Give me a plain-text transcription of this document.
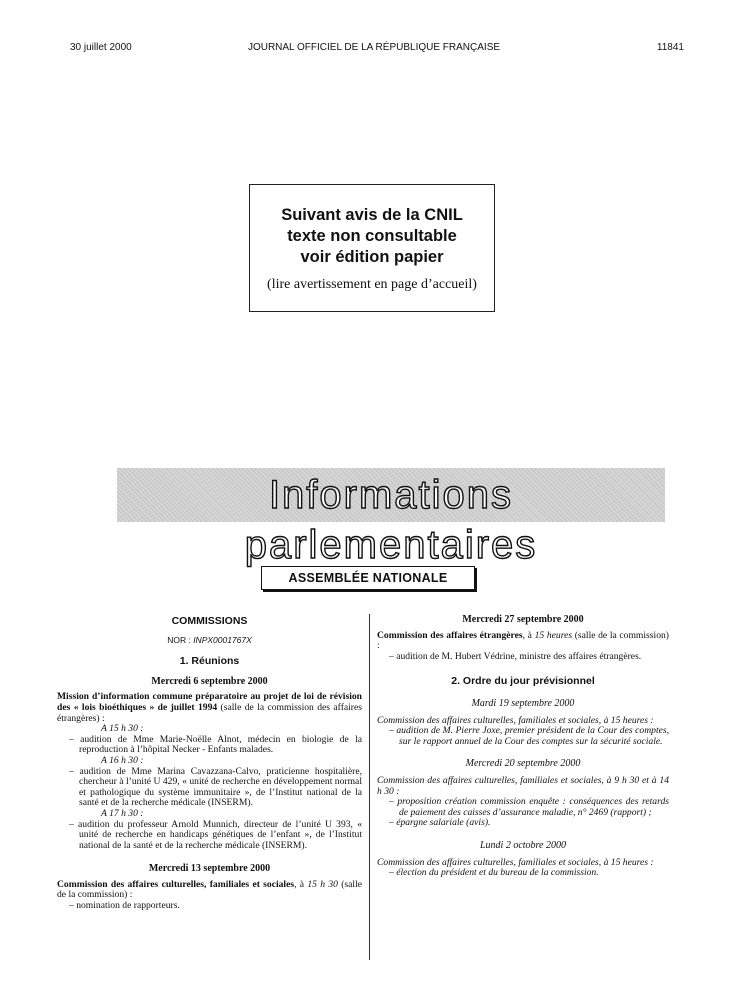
30 juillet 2000	JOURNAL OFFICIEL DE LA RÉPUBLIQUE FRANÇAISE	11841
Suivant avis de la CNIL
texte non consultable
voir édition papier
(lire avertissement en page d’accueil)
Informations parlementaires
ASSEMBLÉE NATIONALE
COMMISSIONS
NOR : INPX0001767X
1. Réunions
Mercredi 6 septembre 2000
Mission d’information commune préparatoire au projet de loi de révision des « lois bioéthiques » de juillet 1994 (salle de la commission des affaires étrangères) :
A 15 h 30 :
– audition de Mme Marie-Noëlle Alnot, médecin en biologie de la reproduction à l’hôpital Necker - Enfants malades.
A 16 h 30 :
– audition de Mme Marina Cavazzana-Calvo, praticienne hospitalière, chercheur à l’unité U 429, « unité de recherche en développement normal et pathologique du système immunitaire », de l’Institut national de la santé et de la recherche médicale (INSERM).
A 17 h 30 :
– audition du professeur Arnold Munnich, directeur de l’unité U 393, « unité de recherche en handicaps génétiques de l’enfant », de l’Institut national de la santé et de la recherche médicale (INSERM).
Mercredi 13 septembre 2000
Commission des affaires culturelles, familiales et sociales, à 15 h 30 (salle de la commission) :
– nomination de rapporteurs.
Mercredi 27 septembre 2000
Commission des affaires étrangères, à 15 heures (salle de la commission) :
– audition de M. Hubert Védrine, ministre des affaires étrangères.
2. Ordre du jour prévisionnel
Mardi 19 septembre 2000
Commission des affaires culturelles, familiales et sociales, à 15 heures :
– audition de M. Pierre Joxe, premier président de la Cour des comptes, sur le rapport annuel de la Cour des comptes sur la sécurité sociale.
Mercredi 20 septembre 2000
Commission des affaires culturelles, familiales et sociales, à 9 h 30 et à 14 h 30 :
– proposition création commission enquête : conséquences des retards de paiement des caisses d’assurance maladie, n° 2469 (rapport) ;
– épargne salariale (avis).
Lundi 2 octobre 2000
Commission des affaires culturelles, familiales et sociales, à 15 heures :
– élection du président et du bureau de la commission.
